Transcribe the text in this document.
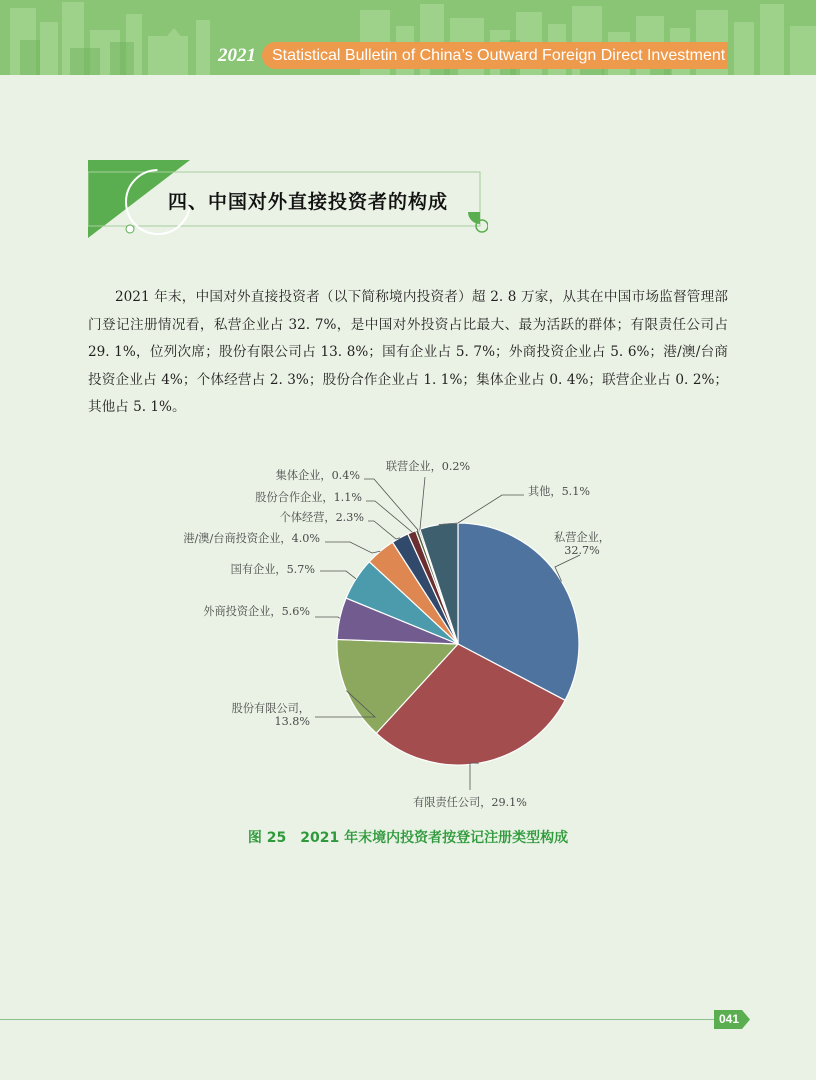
2021	Statistical Bulletin of China’s Outward Foreign Direct Investment
四、中国对外直接投资者的构成
2021 年末，中国对外直接投资者（以下简称境内投资者）超 2. 8 万家，从其在中国市场监督管理部门登记注册情况看，私营企业占 32. 7%，是中国对外投资占比最大、最为活跃的群体；有限责任公司占 29. 1%，位列次席；股份有限公司占 13. 8%；国有企业占 5. 7%；外商投资企业占 5. 6%；港/澳/台商投资企业占 4%；个体经营占 2. 3%；股份合作企业占 1. 1%；集体企业占 0. 4%；联营企业占 0. 2%；其他占 5. 1%。
私营企业，
32.7%
有限责任公司，29.1%
股份有限公司，
13.8%
外商投资企业，5.6%
国有企业，5.7%
港/澳/台商投资企业，4.0%
个体经营，2.3%
股份合作企业，1.1%
集体企业，0.4%
联营企业，0.2%
其他，5.1%
图 25　2021 年末境内投资者按登记注册类型构成
041
